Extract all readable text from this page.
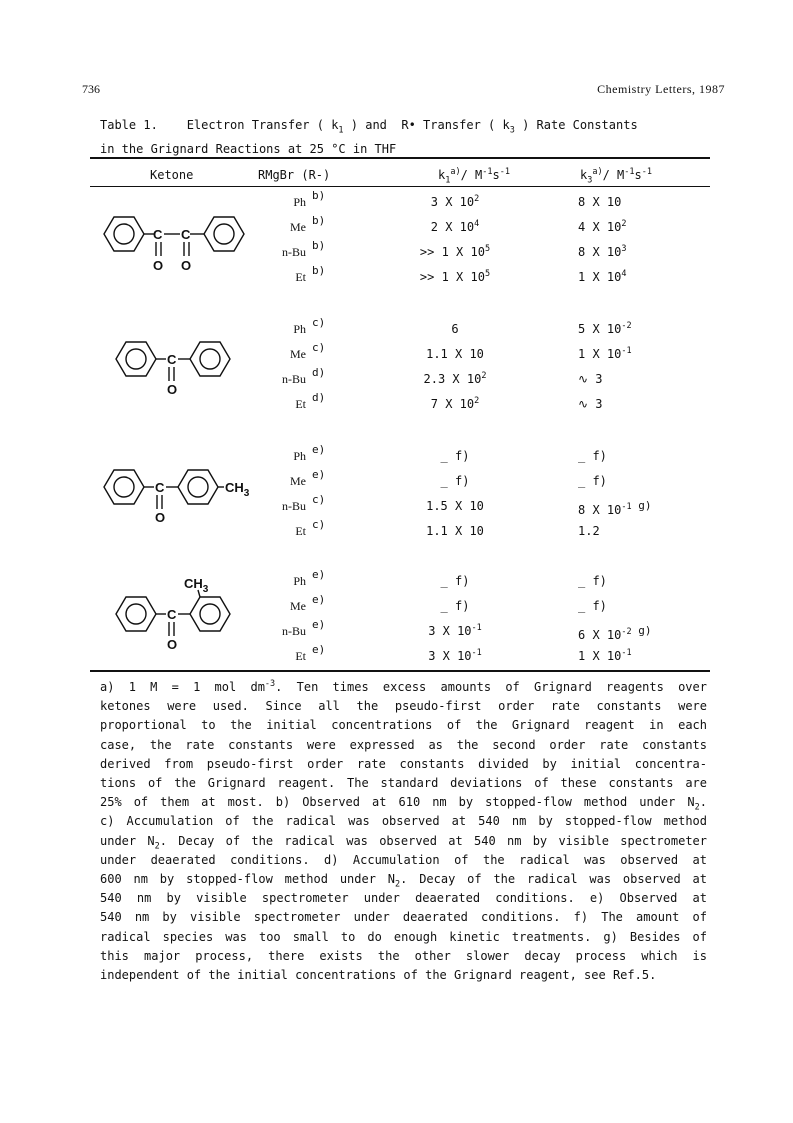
736	Chemistry Letters, 1987
Table 1. Electron Transfer ( $k_1$ ) and  R• Transfer ( $k_3$ ) Rate Constants
in the Grignard Reactions at 25 °C in THF
Ketone	RMgBr (R-)	$k_1^{a)}/$ $M^{-1}s^{-1}$	$k_3^{a)}/$ $M^{-1}s^{-1}$
Ph b)	3 X $10^2$	8 X 10
Me b)	2 X $10^4$	4 X $10^2$
n-Bu b)	>> 1 X $10^5$	8 X $10^3$
Et b)	>> 1 X $10^5$	1 X $10^4$
Ph c)	6	5 X $10^{-2}$
Me c)	1.1 X 10	1 X $10^{-1}$
n-Bu d)	2.3 X $10^2$	∿ 3
Et d)	7 X $10^2$	∿ 3
Ph e)	_ f)	_ f)
Me e)	_ f)	_ f)
n-Bu c)	1.5 X 10	8 X $10^{-1}$ g)
Et c)	1.1 X 10	1.2
Ph e)	_ f)	_ f)
Me e)	_ f)	_ f)
n-Bu e)	3 X $10^{-1}$	6 X $10^{-2}$ g)
Et e)	3 X $10^{-1}$	1 X $10^{-1}$
C C
O O
C
O
C
O
$CH_3$
C
O
$CH_3$

a) 1 M = 1 mol $dm^{-3}$. Ten times excess amounts of Grignard reagents over

ketones were used. Since all the pseudo-first order rate constants were

proportional to the initial concentrations of the Grignard reagent in each

case, the rate constants were expressed as the second order rate constants

derived from pseudo-first order rate constants divided by initial concentra-

tions of the Grignard reagent. The standard deviations of these constants are

25% of them at most. b) Observed at 610 nm by stopped-flow method under $N_2$.

c) Accumulation of the radical was observed at 540 nm by stopped-flow method

under $N_2$. Decay of the radical was observed at 540 nm by visible spectrometer

under deaerated conditions. d) Accumulation of the radical was observed at

600 nm by stopped-flow method under $N_2$. Decay of the radical was observed at

540 nm by visible spectrometer under deaerated conditions. e) Observed at

540 nm by visible spectrometer under deaerated conditions. f) The amount of

radical species was too small to do enough kinetic treatments. g) Besides of

this major process, there exists the other slower decay process which is

independent of the initial concentrations of the Grignard reagent, see Ref.5.
